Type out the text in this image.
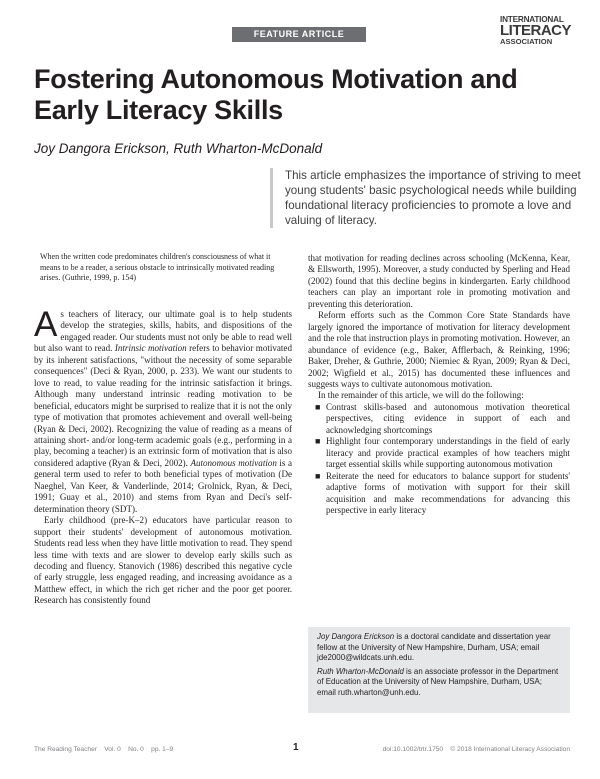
FEATURE ARTICLE
INTERNATIONAL
LITERACY
ASSOCIATION
Fostering Autonomous Motivation and Early Literacy Skills
Joy Dangora Erickson, Ruth Wharton-McDonald
This article emphasizes the importance of striving to meet young students' basic psychological needs while building foundational literacy proficiencies to promote a love and valuing of literacy.
When the written code predominates children's consciousness of what it means to be a reader, a serious obstacle to intrinsically motivated reading arises. (Guthrie, 1999, p. 154)

As teachers of literacy, our ultimate goal is to help students develop the strategies, skills, habits, and dispositions of the engaged reader. Our students must not only be able to read well but also want to read. Intrinsic motivation refers to behavior motivated by its inherent satisfactions, "without the necessity of some separable consequences" (Deci & Ryan, 2000, p. 233). We want our students to love to read, to value reading for the intrinsic satisfaction it brings. Although many understand intrinsic reading motivation to be beneficial, educators might be surprised to realize that it is not the only type of motivation that promotes achievement and overall well-being (Ryan & Deci, 2002). Recognizing the value of reading as a means of attaining short- and/or long-term academic goals (e.g., performing in a play, becoming a teacher) is an extrinsic form of motivation that is also considered adaptive (Ryan & Deci, 2002). Autonomous motivation is a general term used to refer to both beneficial types of motivation (De Naeghel, Van Keer, & Vanderlinde, 2014; Grolnick, Ryan, & Deci, 1991; Guay et al., 2010) and stems from Ryan and Deci's self-determination theory (SDT).

Early childhood (pre-K–2) educators have particular reason to support their students' development of autonomous motivation. Students read less when they have little motivation to read. They spend less time with texts and are slower to develop early skills such as decoding and fluency. Stanovich (1986) described this negative cycle of early struggle, less engaged reading, and increasing avoidance as a Matthew effect, in which the rich get richer and the poor get poorer. Research has consistently found

that motivation for reading declines across schooling (McKenna, Kear, & Ellsworth, 1995). Moreover, a study conducted by Sperling and Head (2002) found that this decline begins in kindergarten. Early childhood teachers can play an important role in promoting motivation and preventing this deterioration.

Reform efforts such as the Common Core State Standards have largely ignored the importance of motivation for literacy development and the role that instruction plays in promoting motivation. However, an abundance of evidence (e.g., Baker, Afflerbach, & Reinking, 1996; Baker, Dreher, & Guthrie, 2000; Niemiec & Ryan, 2009; Ryan & Deci, 2002; Wigfield et al., 2015) has documented these influences and suggests ways to cultivate autonomous motivation.

In the remainder of this article, we will do the following:

■ Contrast skills-based and autonomous motivation theoretical perspectives, citing evidence in support of each and acknowledging shortcomings
■ Highlight four contemporary understandings in the field of early literacy and provide practical examples of how teachers might target essential skills while supporting autonomous motivation
■ Reiterate the need for educators to balance support for students' adaptive forms of motivation with support for their skill acquisition and make recommendations for advancing this perspective in early literacy

Joy Dangora Erickson is a doctoral candidate and dissertation year fellow at the University of New Hampshire, Durham, USA; email jde2000@wildcats.unh.edu.

Ruth Wharton-McDonald is an associate professor in the Department of Education at the University of New Hampshire, Durham, USA; email ruth.wharton@unh.edu.

The Reading Teacher    Vol. 0    No. 0    pp. 1–9	1	doi:10.1002/trtr.1750    © 2018 International Literacy Association
